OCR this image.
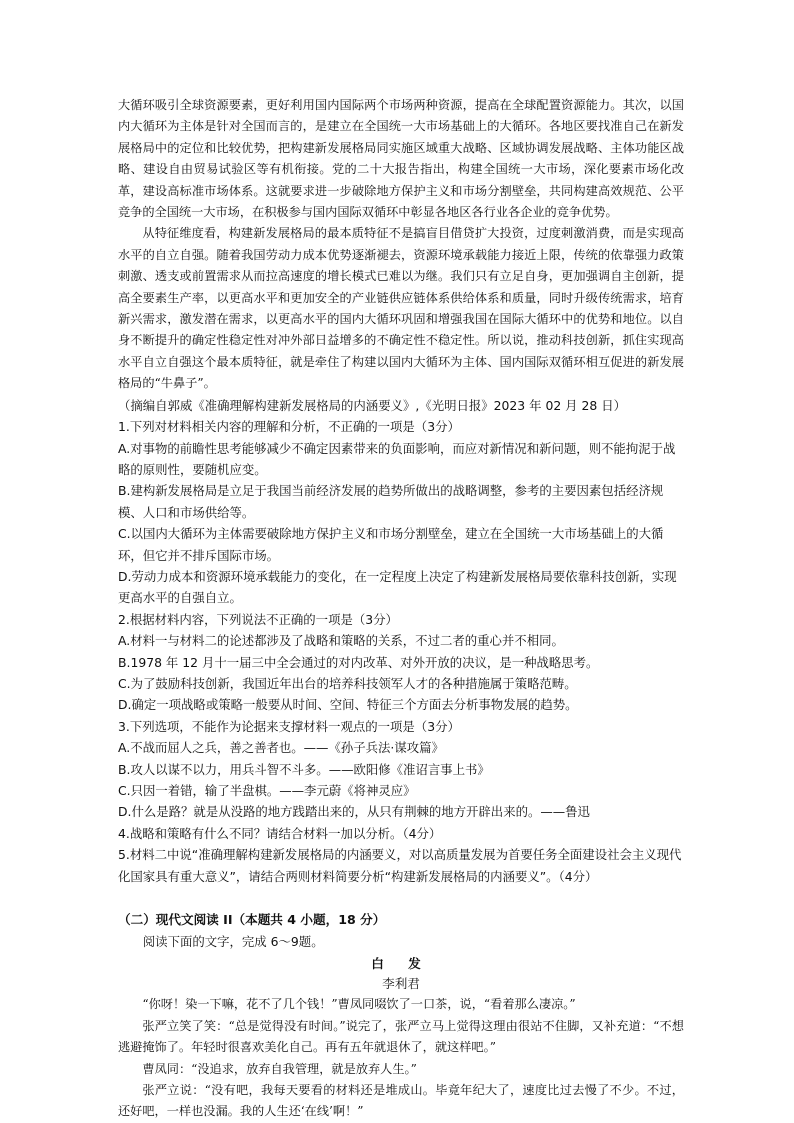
大循环吸引全球资源要素，更好利用国内国际两个市场两种资源，提高在全球配置资源能力。其次，以国内大循环为主体是针对全国而言的，是建立在全国统一大市场基础上的大循环。各地区要找准自己在新发展格局中的定位和比较优势，把构建新发展格局同实施区域重大战略、区域协调发展战略、主体功能区战略、建设自由贸易试验区等有机衔接。党的二十大报告指出，构建全国统一大市场，深化要素市场化改革，建设高标准市场体系。这就要求进一步破除地方保护主义和市场分割壁垒，共同构建高效规范、公平竞争的全国统一大市场，在积极参与国内国际双循环中彰显各地区各行业各企业的竞争优势。

从特征维度看，构建新发展格局的最本质特征不是搞盲目借贷扩大投资，过度刺激消费，而是实现高水平的自立自强。随着我国劳动力成本优势逐渐褪去，资源环境承载能力接近上限，传统的依靠强力政策刺激、透支或前置需求从而拉高速度的增长模式已难以为继。我们只有立足自身，更加强调自主创新，提高全要素生产率，以更高水平和更加安全的产业链供应链体系供给体系和质量，同时升级传统需求，培育新兴需求，激发潜在需求，以更高水平的国内大循环巩固和增强我国在国际大循环中的优势和地位。以自身不断提升的确定性稳定性对冲外部日益增多的不确定性不稳定性。所以说，推动科技创新，抓住实现高水平自立自强这个最本质特征，就是牵住了构建以国内大循环为主体、国内国际双循环相互促进的新发展格局的“牛鼻子”。

（摘编自郭威《准确理解构建新发展格局的内涵要义》,《光明日报》2023 年 02 月 28 日）

1.下列对材料相关内容的理解和分析，不正确的一项是（3分）

A.对事物的前瞻性思考能够减少不确定因素带来的负面影响，而应对新情况和新问题，则不能拘泥于战略的原则性，要随机应变。

B.建构新发展格局是立足于我国当前经济发展的趋势所做出的战略调整，参考的主要因素包括经济规模、人口和市场供给等。

C.以国内大循环为主体需要破除地方保护主义和市场分割壁垒，建立在全国统一大市场基础上的大循环，但它并不排斥国际市场。

D.劳动力成本和资源环境承载能力的变化，在一定程度上决定了构建新发展格局要依靠科技创新，实现更高水平的自强自立。

2.根据材料内容，下列说法不正确的一项是（3分）

A.材料一与材料二的论述都涉及了战略和策略的关系，不过二者的重心并不相同。

B.1978 年 12 月十一届三中全会通过的对内改革、对外开放的决议，是一种战略思考。

C.为了鼓励科技创新，我国近年出台的培养科技领军人才的各种措施属于策略范畴。

D.确定一项战略或策略一般要从时间、空间、特征三个方面去分析事物发展的趋势。

3.下列选项，不能作为论据来支撑材料一观点的一项是（3分）

A.不战而屈人之兵，善之善者也。——《孙子兵法·谋攻篇》

B.攻人以谋不以力，用兵斗智不斗多。——欧阳修《准诏言事上书》

C.只因一着错，输了半盘棋。——李元蔚《将神灵应》

D.什么是路？就是从没路的地方践踏出来的，从只有荆棘的地方开辟出来的。——鲁迅

4.战略和策略有什么不同？请结合材料一加以分析。（4分）

5.材料二中说“准确理解构建新发展格局的内涵要义，对以高质量发展为首要任务全面建设社会主义现代化国家具有重大意义”，请结合两则材料简要分析“构建新发展格局的内涵要义”。（4分）

（二）现代文阅读 II（本题共 4 小题，18 分）

阅读下面的文字，完成 6～9题。

白 发

李利君

“你呀！染一下嘛，花不了几个钱！”曹凤同啜饮了一口茶，说，“看着那么凄凉。”

张严立笑了笑：“总是觉得没有时间。”说完了，张严立马上觉得这理由很站不住脚，又补充道：“不想逃避掩饰了。年轻时很喜欢美化自己。再有五年就退休了，就这样吧。”

曹凤同：“没追求，放弃自我管理，就是放弃人生。”

张严立说：“没有吧，我每天要看的材料还是堆成山。毕竟年纪大了，速度比过去慢了不少。不过，还好吧，一样也没漏。我的人生还‘在线’啊！”
